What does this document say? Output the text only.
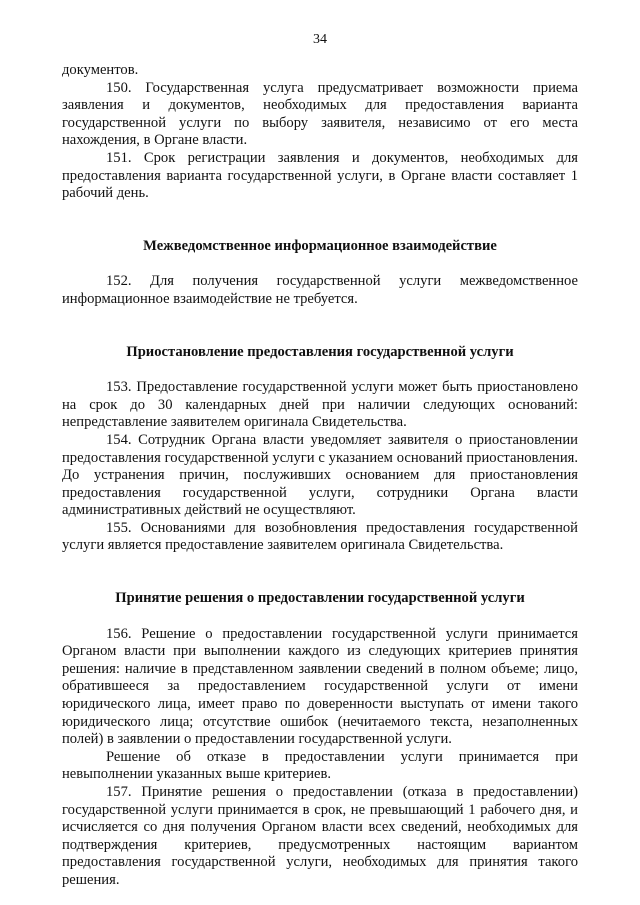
34

документов.

150. Государственная услуга предусматривает возможности приема заявления и документов, необходимых для предоставления варианта государственной услуги по выбору заявителя, независимо от его места нахождения, в Органе власти.

151. Срок регистрации заявления и документов, необходимых для предоставления варианта государственной услуги, в Органе власти составляет 1 рабочий день.

Межведомственное информационное взаимодействие

152. Для получения государственной услуги межведомственное информационное взаимодействие не требуется.

Приостановление предоставления государственной услуги

153. Предоставление государственной услуги может быть приостановлено на срок до 30 календарных дней при наличии следующих оснований: непредставление заявителем оригинала Свидетельства.

154. Сотрудник Органа власти уведомляет заявителя о приостановлении предоставления государственной услуги с указанием оснований приостановления. До устранения причин, послуживших основанием для приостановления предоставления государственной услуги, сотрудники Органа власти административных действий не осуществляют.

155. Основаниями для возобновления предоставления государственной услуги является предоставление заявителем оригинала Свидетельства.

Принятие решения о предоставлении государственной услуги

156. Решение о предоставлении государственной услуги принимается Органом власти при выполнении каждого из следующих критериев принятия решения: наличие в представленном заявлении сведений в полном объеме; лицо, обратившееся за предоставлением государственной услуги от имени юридического лица, имеет право по доверенности выступать от имени такого юридического лица; отсутствие ошибок (нечитаемого текста, незаполненных полей) в заявлении о предоставлении государственной услуги.

Решение об отказе в предоставлении услуги принимается при невыполнении указанных выше критериев.

157. Принятие решения о предоставлении (отказа в предоставлении) государственной услуги принимается в срок, не превышающий 1 рабочего дня, и исчисляется со дня получения Органом власти всех сведений, необходимых для подтверждения критериев, предусмотренных настоящим вариантом предоставления государственной услуги, необходимых для принятия такого решения.
